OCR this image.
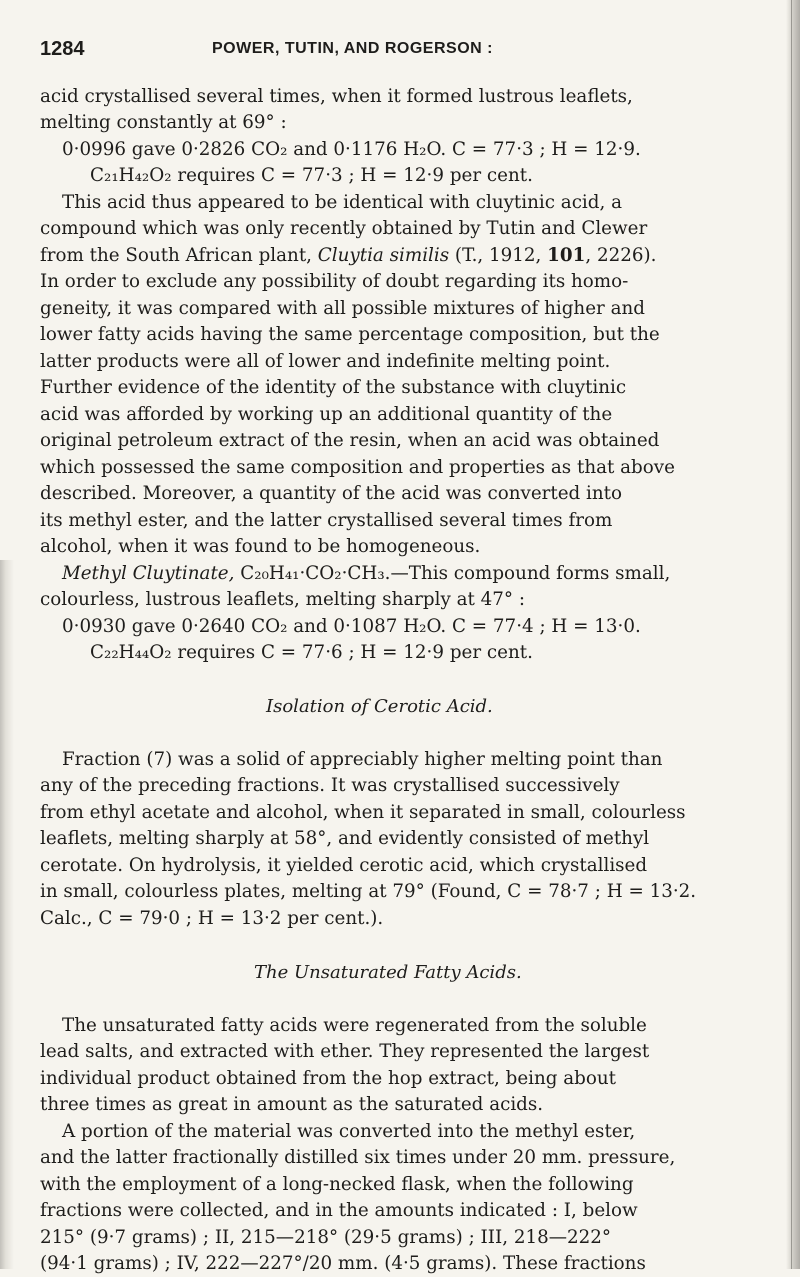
1284	POWER, TUTIN, AND ROGERSON :
acid crystallised several times, when it formed lustrous leaflets,
melting constantly at 69° :
0·0996 gave 0·2826 CO₂ and 0·1176 H₂O. C = 77·3 ; H = 12·9.
C₂₁H₄₂O₂ requires C = 77·3 ; H = 12·9 per cent.
This acid thus appeared to be identical with cluytinic acid, a
compound which was only recently obtained by Tutin and Clewer
from the South African plant, Cluytia similis (T., 1912, 101, 2226).
In order to exclude any possibility of doubt regarding its homo-
geneity, it was compared with all possible mixtures of higher and
lower fatty acids having the same percentage composition, but the
latter products were all of lower and indefinite melting point.
Further evidence of the identity of the substance with cluytinic
acid was afforded by working up an additional quantity of the
original petroleum extract of the resin, when an acid was obtained
which possessed the same composition and properties as that above
described. Moreover, a quantity of the acid was converted into
its methyl ester, and the latter crystallised several times from
alcohol, when it was found to be homogeneous.
Methyl Cluytinate, C₂₀H₄₁·CO₂·CH₃.—This compound forms small,
colourless, lustrous leaflets, melting sharply at 47° :
0·0930 gave 0·2640 CO₂ and 0·1087 H₂O. C = 77·4 ; H = 13·0.
C₂₂H₄₄O₂ requires C = 77·6 ; H = 12·9 per cent.
Isolation of Cerotic Acid.
Fraction (7) was a solid of appreciably higher melting point than
any of the preceding fractions. It was crystallised successively
from ethyl acetate and alcohol, when it separated in small, colourless
leaflets, melting sharply at 58°, and evidently consisted of methyl
cerotate. On hydrolysis, it yielded cerotic acid, which crystallised
in small, colourless plates, melting at 79° (Found, C = 78·7 ; H = 13·2.
Calc., C = 79·0 ; H = 13·2 per cent.).
The Unsaturated Fatty Acids.
The unsaturated fatty acids were regenerated from the soluble
lead salts, and extracted with ether. They represented the largest
individual product obtained from the hop extract, being about
three times as great in amount as the saturated acids.
A portion of the material was converted into the methyl ester,
and the latter fractionally distilled six times under 20 mm. pressure,
with the employment of a long-necked flask, when the following
fractions were collected, and in the amounts indicated : I, below
215° (9·7 grams) ; II, 215—218° (29·5 grams) ; III, 218—222°
(94·1 grams) ; IV, 222—227°/20 mm. (4·5 grams). These fractions
